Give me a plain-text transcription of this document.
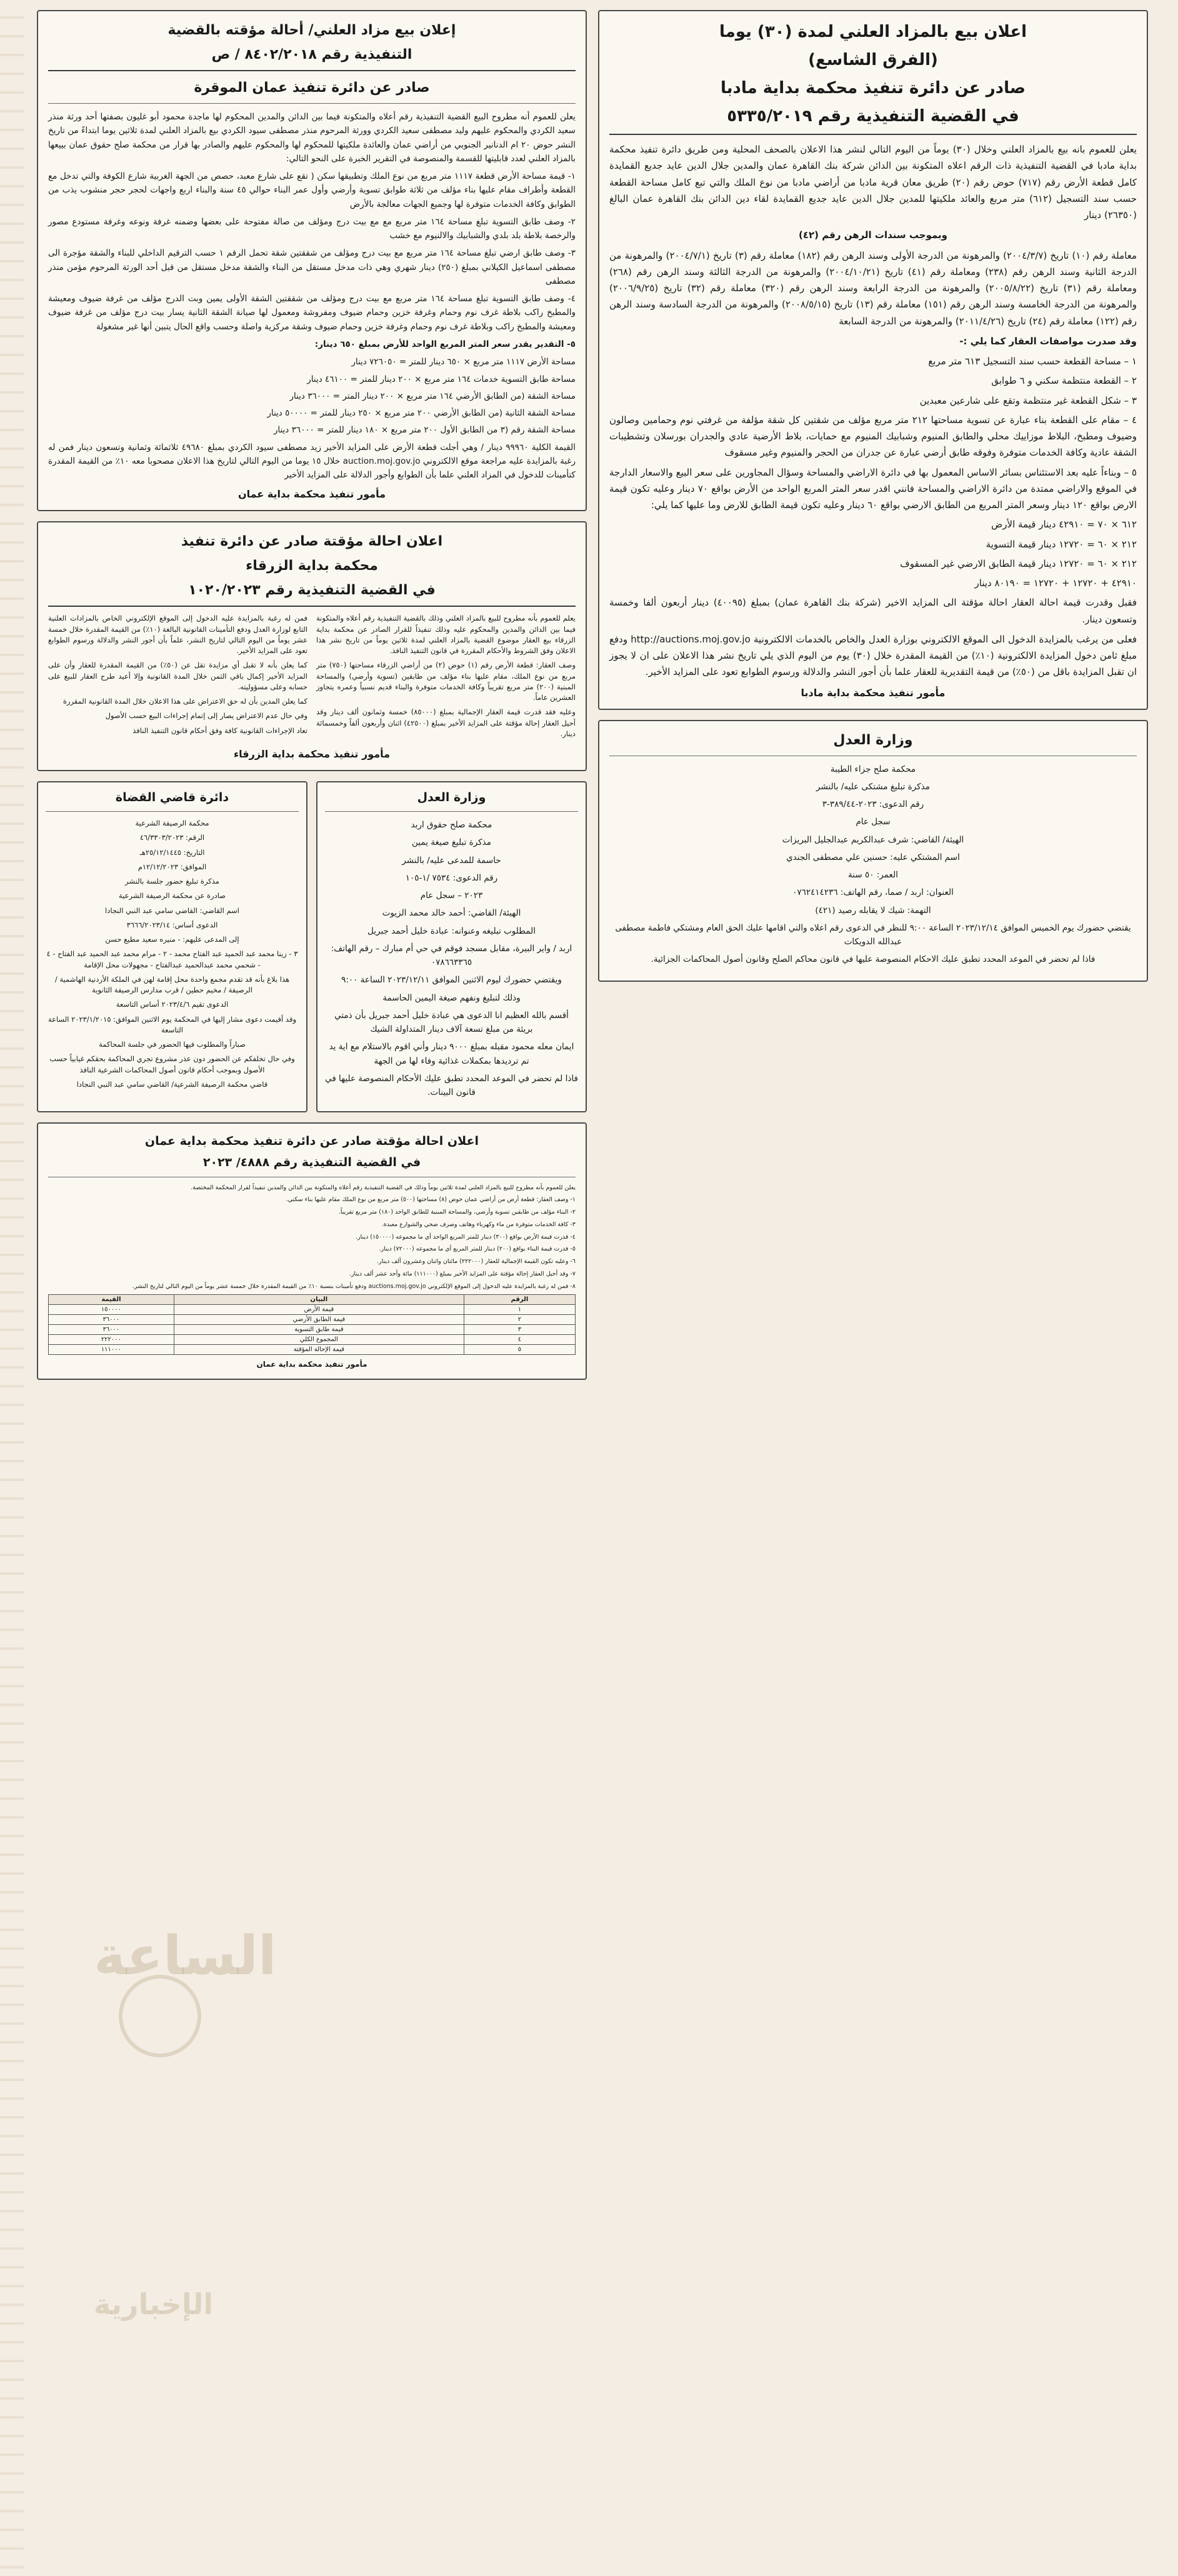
الساعة
الإخبارية
اعلان بيع بالمزاد العلني لمدة (٣٠) يوما
(الفرق الشاسع)
صادر عن دائرة تنفيذ محكمة بداية مادبا
في القضية التنفيذية رقم ٥٣٣٥/٢٠١٩

يعلن للعموم بانه بيع بالمزاد العلني وخلال (٣٠) يوماً من اليوم التالي لنشر هذا الاعلان بالصحف المحلية ومن طريق دائرة تنفيذ محكمة بداية مادبا في القضية التنفيذية ذات الرقم اعلاه المتكونة بين الدائن شركة بنك القاهرة عمان والمدين جلال الدين عايد جديع القمايدة كامل قطعة الأرض رقم (٧١٧) حوض رقم (٢٠) طريق معان قرية مادبا من أراضي مادبا من نوع الملك والتي تبع كامل مساحة القطعة حسب سند التسجيل (٦١٢) متر مربع والعائد ملكيتها للمدين جلال الدين عايد جديع القمايدة لقاء دين الدائن بنك القاهرة عمان البالغ (٢٦٣٥٠) دينار

وبموجب سندات الرهن رقم (٤٢)

معاملة رقم (١٠) تاريخ (٢٠٠٤/٣/٧) والمرهونة من الدرجة الأولى وسند الرهن رقم (١٨٢) معاملة رقم (٣) تاريخ (٢٠٠٤/٧/١) والمرهونة من الدرجة الثانية وسند الرهن رقم (٢٣٨) ومعاملة رقم (٤١) تاريخ (٢٠٠٤/١٠/٢١) والمرهونة من الدرجة الثالثة وسند الرهن رقم (٢٦٨) ومعاملة رقم (٣١) تاريخ (٢٠٠٥/٨/٢٢) والمرهونة من الدرجة الرابعة وسند الرهن رقم (٣٢٠) معاملة رقم (٣٢) تاريخ (٢٠٠٦/٩/٢٥) والمرهونة من الدرجة الخامسة وسند الرهن رقم (١٥١) معاملة رقم (١٣) تاريخ (٢٠٠٨/٥/١٥) والمرهونة من الدرجة السادسة وسند الرهن رقم (١٢٢) معاملة رقم (٢٤) تاريخ (٢٠١١/٤/٢٦) والمرهونة من الدرجة السابعة

وقد صدرت مواصفات العقار كما يلي :-

١ – مساحة القطعة حسب سند التسجيل ٦١٣ متر مربع
٢ – القطعة منتظمة سكني و ٦ طوابق
٣ – شكل القطعة غير منتظمة وتقع على شارعين معبدين
٤ – مقام على القطعة بناء عبارة عن تسوية مساحتها ٢١٢ متر مربع مؤلف من شقتين كل شقة مؤلفة من غرفتي نوم وحمامين وصالون وضيوف ومطبخ، البلاط موزاييك محلي والطابق المنيوم وشبابيك المنيوم مع حمايات، بلاط الأرضية عادي والجدران بورسلان وتشطيبات الشقة عادية وكافة الخدمات متوفرة وفوقه طابق أرضي عبارة عن جدران من الحجر والمنيوم وغير مسقوف
٥ – وبناءاً عليه بعد الاستئناس بسائر الاساس المعمول بها في دائرة الاراضي والمساحة وسؤال المجاورين على سعر البيع والاسعار الدارجة في الموقع والاراضي ممتدة من دائرة الاراضي والمساحة فانني اقدر سعر المتر المربع الواحد من الأرض بواقع ٧٠ دينار وعليه تكون قيمة الارض بواقع ١٢٠ دينار وسعر المتر المربع من الطابق الارضي بواقع ٦٠ دينار وعليه تكون قيمة الطابق للارض وما عليها كما يلي:
٦١٢ × ٧٠ = ٤٢٩١٠ دينار قيمة الأرض
٢١٢ × ٦٠ = ١٢٧٢٠ دينار قيمة التسوية
٢١٢ × ٦٠ = ١٢٧٢٠ دينار قيمة الطابق الارضي غير المسقوف
٤٢٩١٠ + ١٢٧٢٠ + ١٢٧٢٠ = ٨٠١٩٠ دينار

فقبل وقدرت قيمة احالة العقار احالة مؤقتة الى المزايد الاخير (شركة بنك القاهرة عمان) بمبلغ (٤٠٠٩٥) دينار أربعون ألفا وخمسة وتسعون دينار.

فعلى من يرغب بالمزايدة الدخول الى الموقع الالكتروني بوزارة العدل والخاص بالخدمات الالكترونية http://auctions.moj.gov.jo ودفع مبلغ ثامن دخول المزايدة الالكترونية (١٠٪) من القيمة المقدرة خلال (٣٠) يوم من اليوم الذي يلي تاريخ نشر هذا الاعلان على ان لا يجوز ان تقبل المزايدة باقل من (٥٠٪) من قيمة التقديرية للعقار علما بأن أجور النشر والدلالة ورسوم الطوابع تعود على المزايد الأخير.

مأمور تنفيذ محكمة بداية مادبا
وزارة العدل

محكمة صلح جزاء الطيبة

مذكرة تبليغ مشتكى عليه/ بالنشر

رقم الدعوى: ٢٠٢٣-٣٨٩/٤٤-٣

سجل عام

الهيئة/ القاضي: شرف عبدالكريم عبدالجليل البريزات

اسم المشتكي عليه: حسنين علي مصطفى الجندي

العمر: ٥٠ سنة

العنوان: اربد / صما، رقم الهاتف: ٠٧٦٢٤١٤٢٣٦

التهمة: شيك لا يقابله رصيد (٤٢١)

يقتضي حضورك يوم الخميس الموافق ٢٠٢٣/١٢/١٤ الساعة ٩:٠٠ للنظر في الدعوى رقم اعلاه والتي اقامها عليك الحق العام ومشتكي فاطمة مصطفى عبدالله الدويكات

فاذا لم تحضر في الموعد المحدد تطبق عليك الاحكام المنصوصة عليها في قانون محاكم الصلح وقانون أصول المحاكمات الجزائية.

إعلان بيع مزاد العلني/ أحالة مؤقته بالقضية
التنفيذية رقم ٨٤٠٢/٢٠١٨ / ص
صادر عن دائرة تنفيذ عمان الموقرة

يعلن للعموم أنه مطروح البيع القضية التنفيذية رقم أعلاه والمتكونة فيما بين الدائن والمدين المحكوم لها ماجدة محمود أبو غليون بصفتها أحد ورثة منذر سعيد الكردي والمحكوم عليهم وليد مصطفى سعيد الكردي وورثة المرحوم منذر مصطفى سيود الكردي بيع بالمزاد العلني لمدة ثلاثين يوما ابتداءً من تاريخ النشر حوض ٢٠ ام الدنانير الجنوبي من أراضي عمان والعائدة ملكيتها للمحكوم لها والمحكوم عليهم والصادر بها قرار من محكمة صلح حقوق عمان بييعها بالمزاد العلني لعدد قابليتها للقسمة والمنصوصة في التقرير الخبرة على النحو التالي:

١- قيمة مساحة الأرض قطعة ١١١٧ متر مربع من نوع الملك وتطبيقها سكن ( تقع على شارع معبد، حصص من الجهة الغربية شارع الكوفة والتي تدخل مع القطعة وأطراف مقام عليها بناء مؤلف من ثلاثة طوابق تسوية وأرضي وأول عمر البناء حوالي ٤٥ سنة والبناء اربع واجهات لحجر حجر منشوب يذب من الطوابق وكافة الخدمات متوفرة لها وجميع الجهات معالجة بالأرض

٢- وصف طابق التسوية تبلغ مساحة ١٦٤ متر مربع مع مع بيت درج ومؤلف من صالة مفتوحة على بعضها وضمنه غرفة ونوعه وغرفة مستودع مصور والرخصة بلاطة بلد بلدي والشبابيك والالنيوم مع خشب

٣- وصف طابق ارضي تبلغ مساحة ١٦٤ متر مربع مع بيت درج ومؤلف من شققتين شقة تحمل الرقم ١ حسب الترقيم الداخلي للبناء والشقة مؤجرة الى مصطفى اسماعيل الكيلاني بمبلغ (٢٥٠) دينار شهري وهي ذات مدخل مستقل من البناء والشقة مدخل مستقل من قبل أحد الورثة المرحوم مؤمن منذر مصطفى

٤- وصف طابق التسوية تبلغ مساحة ١٦٤ متر مربع مع بيت درج ومؤلف من شققتين الشقة الأولى يمين وبت الدرج مؤلف من غرفة ضيوف ومعيشة والمطبخ راكب بلاطة غرف نوم وحمام وغرفة خزين وحمام ضيوف ومفروشة ومعمول لها صيانة الشقة الثانية يسار بيت درج مؤلف من غرفة ضيوف ومعيشة والمطبخ راكب وبلاطة غرف نوم وحمام وغرفة خزين وحمام ضيوف وشقة مركزية واصلة وحسب واقع الحال يتبين أنها غير مشغولة

٥- التقدير يقدر سعر المتر المربع الواحد للأرض بمبلغ ٦٥٠ دينار:

مساحة الأرض ١١١٧ متر مربع × ٦٥٠ دينار للمتر = ٧٢٦٠٥٠ دينار
مساحة طابق التسوية خدمات ١٦٤ متر مربع × ٢٠٠ دينار للمتر = ٤٦١٠٠ دينار
مساحة الشقة (من الطابق الأرضي ١٦٤ متر مربع × ٢٠٠ دينار المتر = ٣٦٠٠٠ دينار
مساحة الشقة الثانية (من الطابق الأرضي ٢٠٠ متر مربع × ٢٥٠ دينار للمتر = ٥٠٠٠٠ دينار
مساحة الشقة رقم (٣ من الطابق الأول ٢٠٠ متر مربع × ١٨٠ دينار للمتر = ٣٦٠٠٠ دينار
القيمة الكلية ٩٩٩٦٠ دينار / وهي أجلت قطعة الأرض على المزايد الأخير زيد مصطفى سيود الكردي بمبلغ ٤٩٦٨٠ ثلاثمائة وثمانية وتسعون دينار فمن له رغبة بالمزايدة عليه مراجعة موقع الالكتروني auction.moj.gov.jo خلال ١٥ يوما من اليوم التالي لتاريخ هذا الاعلان مصحوبا معه ١٠٪ من القيمة المقدرة كتأمينات للدخول في المزاد العلني علما بأن الطوابع وأجور الدلالة على المزايد الأخير
مأمور تنفيذ محكمة بداية عمان
اعلان احالة مؤقتة صادر عن دائرة تنفيذ
محكمة بداية الزرقاء
في القضية التنفيذية رقم ١٠٢٠/٢٠٢٣

يعلم للعموم بأنه مطروح للبيع بالمزاد العلني وذلك بالقضية التنفيذية رقم أعلاه والمتكونة فيما بين الدائن والمدين والمحكوم عليه وذلك تنفيذاً للقرار الصادر عن محكمة بداية الزرقاء بيع العقار موضوع القضية بالمزاد العلني لمدة ثلاثين يوماً من تاريخ نشر هذا الاعلان وفق الشروط والأحكام المقررة في قانون التنفيذ النافذ.

وصف العقار: قطعة الأرض رقم (١) حوض (٢) من أراضي الزرقاء مساحتها (٧٥٠) متر مربع من نوع الملك، مقام عليها بناء مؤلف من طابقين (تسوية وأرضي) والمساحة المبنية (٢٠٠) متر مربع تقريباً وكافة الخدمات متوفرة والبناء قديم نسبياً وعمره يتجاوز العشرين عاماً.

وعليه فقد قدرت قيمة العقار الإجمالية بمبلغ (٨٥٠٠٠) خمسة وثمانون ألف دينار وقد أحيل العقار إحالة مؤقتة على المزايد الأخير بمبلغ (٤٢٥٠٠) اثنان وأربعون ألفاً وخمسمائة دينار.

فمن له رغبة بالمزايدة عليه الدخول إلى الموقع الإلكتروني الخاص بالمزادات العلنية التابع لوزارة العدل ودفع التأمينات القانونية البالغة (١٠٪) من القيمة المقدرة خلال خمسة عشر يوماً من اليوم التالي لتاريخ النشر، علماً بأن أجور النشر والدلالة ورسوم الطوابع تعود على المزايد الأخير.

كما يعلن بأنه لا تقبل أي مزايدة تقل عن (٥٠٪) من القيمة المقدرة للعقار وأن على المزايد الأخير إكمال باقي الثمن خلال المدة القانونية وإلا أعيد طرح العقار للبيع على حسابه وعلى مسؤوليته.

كما يعلن المدين بأن له حق الاعتراض على هذا الاعلان خلال المدة القانونية المقررة

وفي حال عدم الاعتراض يصار إلى إتمام إجراءات البيع حسب الأصول

تعاد الإجراءات القانونية كافة وفق أحكام قانون التنفيذ النافذ

مأمور تنفيذ محكمة بداية الزرقاء
وزارة العدل

محكمة صلح حقوق اربد

مذكرة تبليغ صيغة يمين

حاسمة للمدعى عليه/ بالنشر

رقم الدعوى: ٧٥٣٤ /١-١٠٥

٢٠٢٣ – سجل عام

الهيئة/ القاضي: أحمد خالد محمد الزيوت

المطلوب تبليغه وعنوانه: عبادة خليل أحمد جبريل

اربد / واير البيرة، مقابل مسجد فوقم في حي أم مبارك – رقم الهاتف: ٠٧٨٦٦٣٣٦٥

ويقتضي حضورك ليوم الاثنين الموافق ٢٠٢٣/١٢/١١ الساعة ٩:٠٠

وذلك لتبليغ ونفهم صيغة اليمين الحاسمة

أقسم بالله العظيم انا الدعوى هي عبادة خليل أحمد جبريل بأن ذمتي بريئة من مبلغ تسعة آلاف دينار المتداولة الشيك

ايمان معله محمود مقبله بمبلغ ٩٠٠٠ دينار وأني اقوم بالاستلام مع اية يد تم ترديدها بمكملات غذائية وفاء لها من الجهة

فاذا لم تحضر في الموعد المحدد تطبق عليك الأحكام المنصوصة عليها في قانون البينات.

دائرة قاضي القضاة

محكمة الرصيفة الشرعية

الرقم: ٤٦/٣٣٠٣/٢٠٢٣

التاريخ: ٢٥/١٢/١٤٤٥هـ

الموافق: ١٢/١٢/٢٠٢٣م

مذكرة تبليغ حضور جلسة بالنشر

صادرة عن محكمة الرصيفة الشرعية

اسم القاضي: القاضي سامي عبد النبي النجادا

الدعوى أساس: ٣٦٦٦/٢٠٢٣/١٤

إلى المدعى عليهم: - منيره سعيد مطيع حسن

٣ - زينا محمد عبد الحميد عبد الفتاح محمد - ٢ - مرام محمد عبد الحميد عبد الفتاح - ٤ - شحمي محمد عبدالحميد عبدالفتاح - مجهولات محل الإقامة

هذا بلاغ بأنه قد تقدم مجمع واحدة محل إقامة لهن في الملكة الأردنية الهاشمية / الرصيفة / مخيم حطين / قرب مدارس الرصيفة الثانوية

الدعوى تقيم ٢٠٢٣/٤/٦ أساس التاسعة

وقد أقيمت دعوى مشار إليها في المحكمة يوم الاثنين الموافق: ٢٠٢٣/١/٢٠١٥ الساعة التاسعة

صباراً والمطلوب فيها الحضور في جلسة المحاكمة

وفي حال تخلفكم عن الحضور دون عذر مشروع تجري المحاكمة بحقكم غيابياً حسب الأصول وبموجب أحكام قانون أصول المحاكمات الشرعية النافذ

قاضي محكمة الرصيفة الشرعية/ القاضي سامي عبد النبي النجادا

اعلان احالة مؤقتة صادر عن دائرة تنفيذ محكمة بداية عمان
في القضية التنفيذية رقم ٤٨٨٨/ ٢٠٢٣

يعلن للعموم بأنه مطروح للبيع بالمزاد العلني لمدة ثلاثين يوماً وذلك في القضية التنفيذية رقم أعلاه والمتكونة بين الدائن والمدين تنفيذاً لقرار المحكمة المختصة.

١- وصف العقار: قطعة أرض من أراضي عمان حوض (٨) مساحتها (٥٠٠) متر مربع من نوع الملك مقام عليها بناء سكني.

٢- البناء مؤلف من طابقين تسوية وأرضي، والمساحة المبنية للطابق الواحد (١٨٠) متر مربع تقريباً.

٣- كافة الخدمات متوفرة من ماء وكهرباء وهاتف وصرف صحي والشوارع معبدة.

٤- قدرت قيمة الأرض بواقع (٣٠٠) دينار للمتر المربع الواحد أي ما مجموعه (١٥٠٠٠٠) دينار.

٥- قدرت قيمة البناء بواقع (٢٠٠) دينار للمتر المربع أي ما مجموعه (٧٢٠٠٠) دينار.

٦- وعليه تكون القيمة الإجمالية للعقار (٢٢٢٠٠٠) مائتان واثنان وعشرون ألف دينار.

٧- وقد أحيل العقار إحالة مؤقتة على المزايد الأخير بمبلغ (١١١٠٠٠) مائة وأحد عشر ألف دينار.

٨- فمن له رغبة بالمزايدة عليه الدخول إلى الموقع الإلكتروني auctions.moj.gov.jo ودفع تأمينات بنسبة ١٠٪ من القيمة المقدرة خلال خمسة عشر يوماً من اليوم التالي لتاريخ النشر.

الرقم	البيان	القيمة
١	قيمة الأرض	١٥٠٠٠٠
٢	قيمة الطابق الأرضي	٣٦٠٠٠
٣	قيمة طابق التسوية	٣٦٠٠٠
٤	المجموع الكلي	٢٢٢٠٠٠
٥	قيمة الإحالة المؤقتة	١١١٠٠٠
مأمور تنفيذ محكمة بداية عمان
